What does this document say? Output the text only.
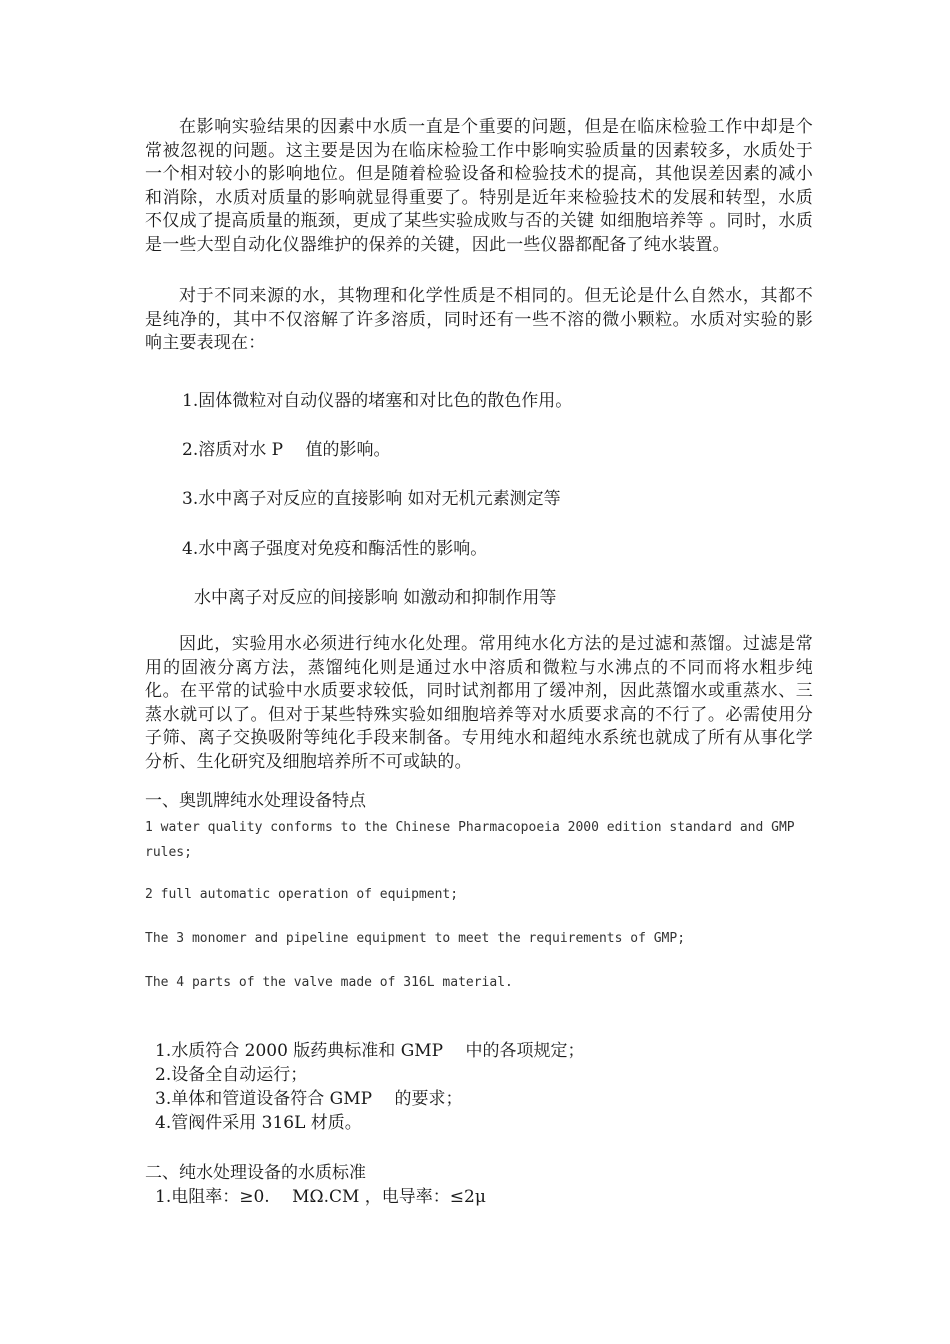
在影响实验结果的因素中水质一直是个重要的问题，但是在临床检验工作中却是个常被忽视的问题。这主要是因为在临床检验工作中影响实验质量的因素较多，水质处于一个相对较小的影响地位。但是随着检验设备和检验技术的提高，其他误差因素的减小和消除，水质对质量的影响就显得重要了。特别是近年来检验技术的发展和转型，水质不仅成了提高质量的瓶颈，更成了某些实验成败与否的关键 如细胞培养等 。同时，水质是一些大型自动化仪器维护的保养的关键，因此一些仪器都配备了纯水装置。

对于不同来源的水，其物理和化学性质是不相同的。但无论是什么自然水，其都不是纯净的，其中不仅溶解了许多溶质，同时还有一些不溶的微小颗粒。水质对实验的影响主要表现在：

1.固体微粒对自动仪器的堵塞和对比色的散色作用。

2.溶质对水 P　 值的影响。

3.水中离子对反应的直接影响 如对无机元素测定等

4.水中离子强度对免疫和酶活性的影响。

水中离子对反应的间接影响 如激动和抑制作用等

因此，实验用水必须进行纯水化处理。常用纯水化方法的是过滤和蒸馏。过滤是常用的固液分离方法，蒸馏纯化则是通过水中溶质和微粒与水沸点的不同而将水粗步纯化。在平常的试验中水质要求较低，同时试剂都用了缓冲剂，因此蒸馏水或重蒸水、三蒸水就可以了。但对于某些特殊实验如细胞培养等对水质要求高的不行了。必需使用分子筛、离子交换吸附等纯化手段来制备。专用纯水和超纯水系统也就成了所有从事化学分析、生化研究及细胞培养所不可或缺的。

一、奥凯牌纯水处理设备特点

1 water quality conforms to the Chinese Pharmacopoeia 2000 edition standard and GMP rules;

2 full automatic operation of equipment;

The 3 monomer and pipeline equipment to meet the requirements of GMP;

The 4 parts of the valve made of 316L material.

1.水质符合 2000 版药典标准和 GMP　 中的各项规定；

2.设备全自动运行；

3.单体和管道设备符合 GMP　 的要求；

4.管阀件采用 316L 材质。

二、纯水处理设备的水质标准

1.电阻率：≥0.　 MΩ.CM ，电导率：≤2μ
